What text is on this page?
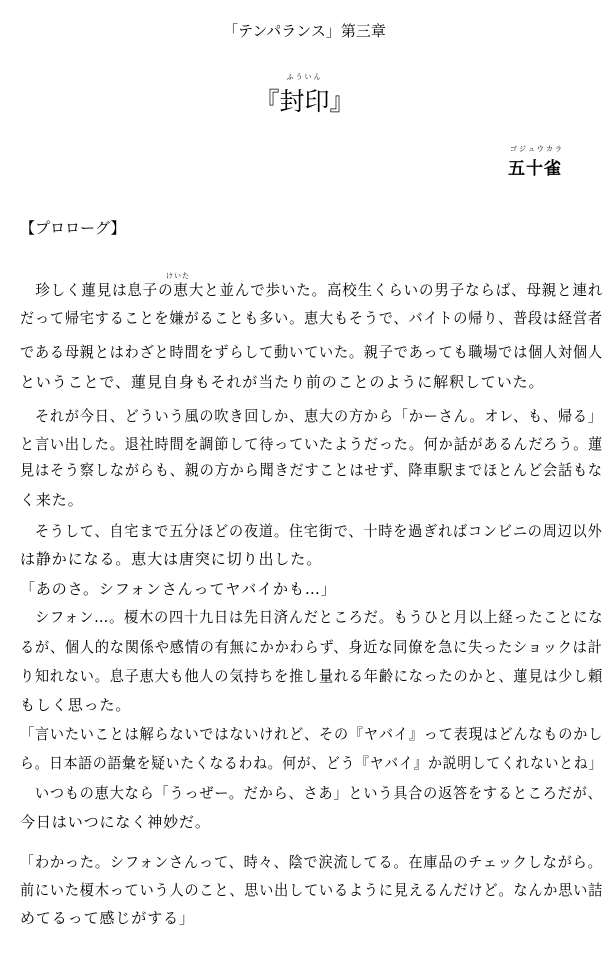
「テンパランス」第三章
ふういん
『封印』
ゴジュウカラ
五十雀
【プロローグ】
けいた
　珍しく蓮見は息子の恵大と並んで歩いた。高校生くらいの男子ならば、母親と連れ
だって帰宅することを嫌がることも多い。恵大もそうで、バイトの帰り、普段は経営者
である母親とはわざと時間をずらして動いていた。親子であっても職場では個人対個人
ということで、蓮見自身もそれが当たり前のことのように解釈していた。
　それが今日、どういう風の吹き回しか、恵大の方から「かーさん。オレ、も、帰る」
と言い出した。退社時間を調節して待っていたようだった。何か話があるんだろう。蓮
見はそう察しながらも、親の方から聞きだすことはせず、降車駅までほとんど会話もな
く来た。
　そうして、自宅まで五分ほどの夜道。住宅街で、十時を過ぎればコンビニの周辺以外
は静かになる。恵大は唐突に切り出した。
「あのさ。シフォンさんってヤバイかも…」
　シフォン…。榎木の四十九日は先日済んだところだ。もうひと月以上経ったことにな
るが、個人的な関係や感情の有無にかかわらず、身近な同僚を急に失ったショックは計
り知れない。息子恵大も他人の気持ちを推し量れる年齢になったのかと、蓮見は少し頼
もしく思った。
「言いたいことは解らないではないけれど、その『ヤバイ』って表現はどんなものかし
ら。日本語の語彙を疑いたくなるわね。何が、どう『ヤバイ』か説明してくれないとね」
　いつもの恵大なら「うっぜー。だから、さあ」という具合の返答をするところだが、
今日はいつになく神妙だ。
「わかった。シフォンさんって、時々、陰で涙流してる。在庫品のチェックしながら。
前にいた榎木っていう人のこと、思い出しているように見えるんだけど。なんか思い詰
めてるって感じがする」
